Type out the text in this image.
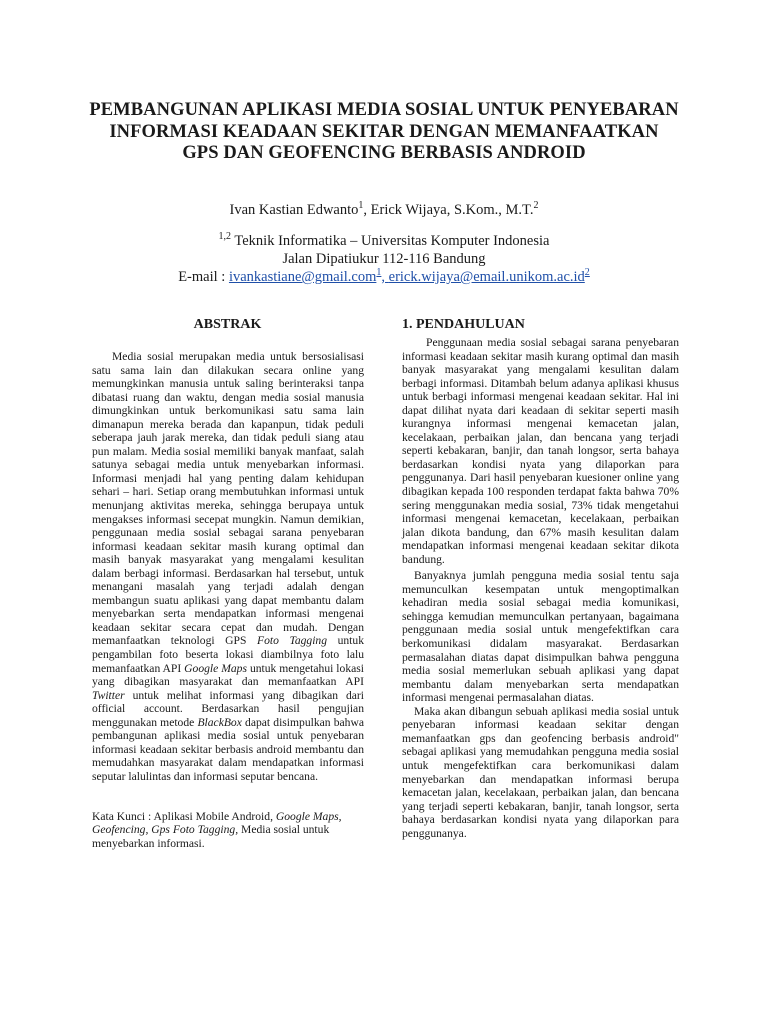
PEMBANGUNAN APLIKASI MEDIA SOSIAL UNTUK PENYEBARAN
INFORMASI KEADAAN SEKITAR DENGAN MEMANFAATKAN
GPS DAN GEOFENCING BERBASIS ANDROID
Ivan Kastian Edwanto$^1$, Erick Wijaya, S.Kom., M.T.$^2$
$^{1,2}$ Teknik Informatika – Universitas Komputer Indonesia
Jalan Dipatiukur 112-116 Bandung
E-mail : ivankastiane@gmail.com$^1$, $erick.wijaya@email.unikom.ac.id^2$
ABSTRAK

Media sosial merupakan media untuk bersosialisasi satu sama lain dan dilakukan secara online yang memungkinkan manusia untuk saling berinteraksi tanpa dibatasi ruang dan waktu, dengan media sosial manusia dimungkinkan untuk berkomunikasi satu sama lain dimanapun mereka berada dan kapanpun, tidak peduli seberapa jauh jarak mereka, dan tidak peduli siang atau pun malam. Media sosial memiliki banyak manfaat, salah satunya sebagai media untuk menyebarkan informasi. Informasi menjadi hal yang penting dalam kehidupan sehari – hari. Setiap orang membutuhkan informasi untuk menunjang aktivitas mereka, sehingga berupaya untuk mengakses informasi secepat mungkin. Namun demikian, penggunaan media sosial sebagai sarana penyebaran informasi keadaan sekitar masih kurang optimal dan masih banyak masyarakat yang mengalami kesulitan dalam berbagi informasi. Berdasarkan hal tersebut, untuk menangani masalah yang terjadi adalah dengan membangun suatu aplikasi yang dapat membantu dalam menyebarkan serta mendapatkan informasi mengenai keadaan sekitar secara cepat dan mudah. Dengan memanfaatkan teknologi GPS Foto Tagging untuk pengambilan foto beserta lokasi diambilnya foto lalu memanfaatkan API Google Maps untuk mengetahui lokasi yang dibagikan masyarakat dan memanfaatkan API Twitter untuk melihat informasi yang dibagikan dari official account. Berdasarkan hasil pengujian menggunakan metode BlackBox dapat disimpulkan bahwa pembangunan aplikasi media sosial untuk penyebaran informasi keadaan sekitar berbasis android membantu dan memudahkan masyarakat dalam mendapatkan informasi seputar lalulintas dan informasi seputar bencana.

Kata Kunci : Aplikasi Mobile Android, Google Maps, Geofencing, Gps Foto Tagging, Media sosial untuk menyebarkan informasi.
1. PENDAHULUAN

Penggunaan media sosial sebagai sarana penyebaran informasi keadaan sekitar masih kurang optimal dan masih banyak masyarakat yang mengalami kesulitan dalam berbagi informasi. Ditambah belum adanya aplikasi khusus untuk berbagi informasi mengenai keadaan sekitar. Hal ini dapat dilihat nyata dari keadaan di sekitar seperti masih kurangnya informasi mengenai kemacetan jalan, kecelakaan, perbaikan jalan, dan bencana yang terjadi seperti kebakaran, banjir, dan tanah longsor, serta bahaya berdasarkan kondisi nyata yang dilaporkan para penggunanya. Dari hasil penyebaran kuesioner online yang dibagikan kepada 100 responden terdapat fakta bahwa 70% sering menggunakan media sosial, 73% tidak mengetahui informasi mengenai kemacetan, kecelakaan, perbaikan jalan dikota bandung, dan 67% masih kesulitan dalam mendapatkan informasi mengenai keadaan sekitar dikota bandung.

Banyaknya jumlah pengguna media sosial tentu saja memunculkan kesempatan untuk mengoptimalkan kehadiran media sosial sebagai media komunikasi, sehingga kemudian memunculkan pertanyaan, bagaimana penggunaan media sosial untuk mengefektifkan cara berkomunikasi didalam masyarakat. Berdasarkan permasalahan diatas dapat disimpulkan bahwa pengguna media sosial memerlukan sebuah aplikasi yang dapat membantu dalam menyebarkan serta mendapatkan informasi mengenai permasalahan diatas.

Maka akan dibangun sebuah aplikasi media sosial untuk penyebaran informasi keadaan sekitar dengan memanfaatkan gps dan geofencing berbasis android" sebagai aplikasi yang memudahkan pengguna media sosial untuk mengefektifkan cara berkomunikasi dalam menyebarkan dan mendapatkan informasi berupa kemacetan jalan, kecelakaan, perbaikan jalan, dan bencana yang terjadi seperti kebakaran, banjir, tanah longsor, serta bahaya berdasarkan kondisi nyata yang dilaporkan para penggunanya.
